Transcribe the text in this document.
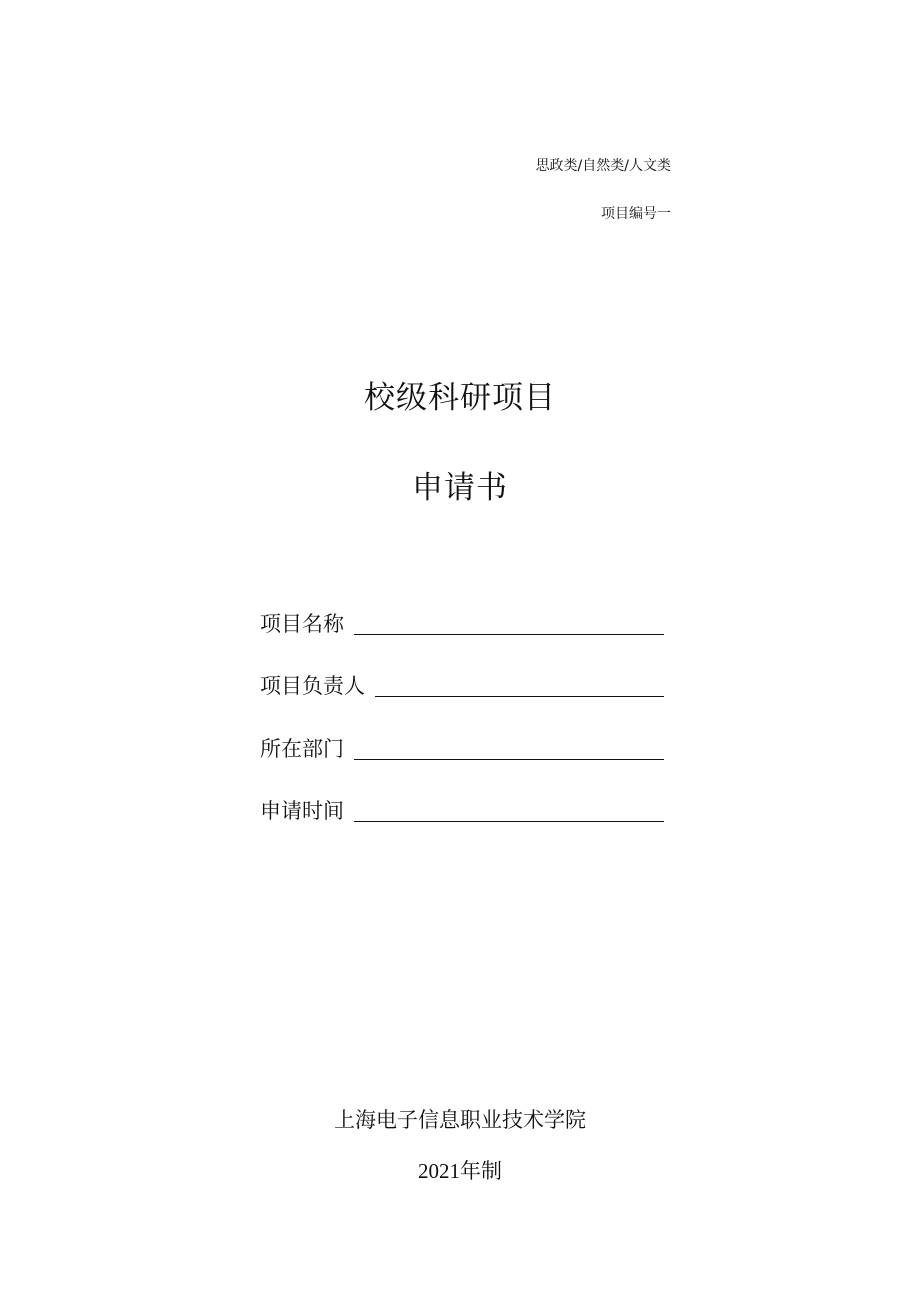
思政类/自然类/人文类
项目编号一
校级科研项目
申请书
项目名称
项目负责人
所在部门
申请时间
上海电子信息职业技术学院
2021年制
